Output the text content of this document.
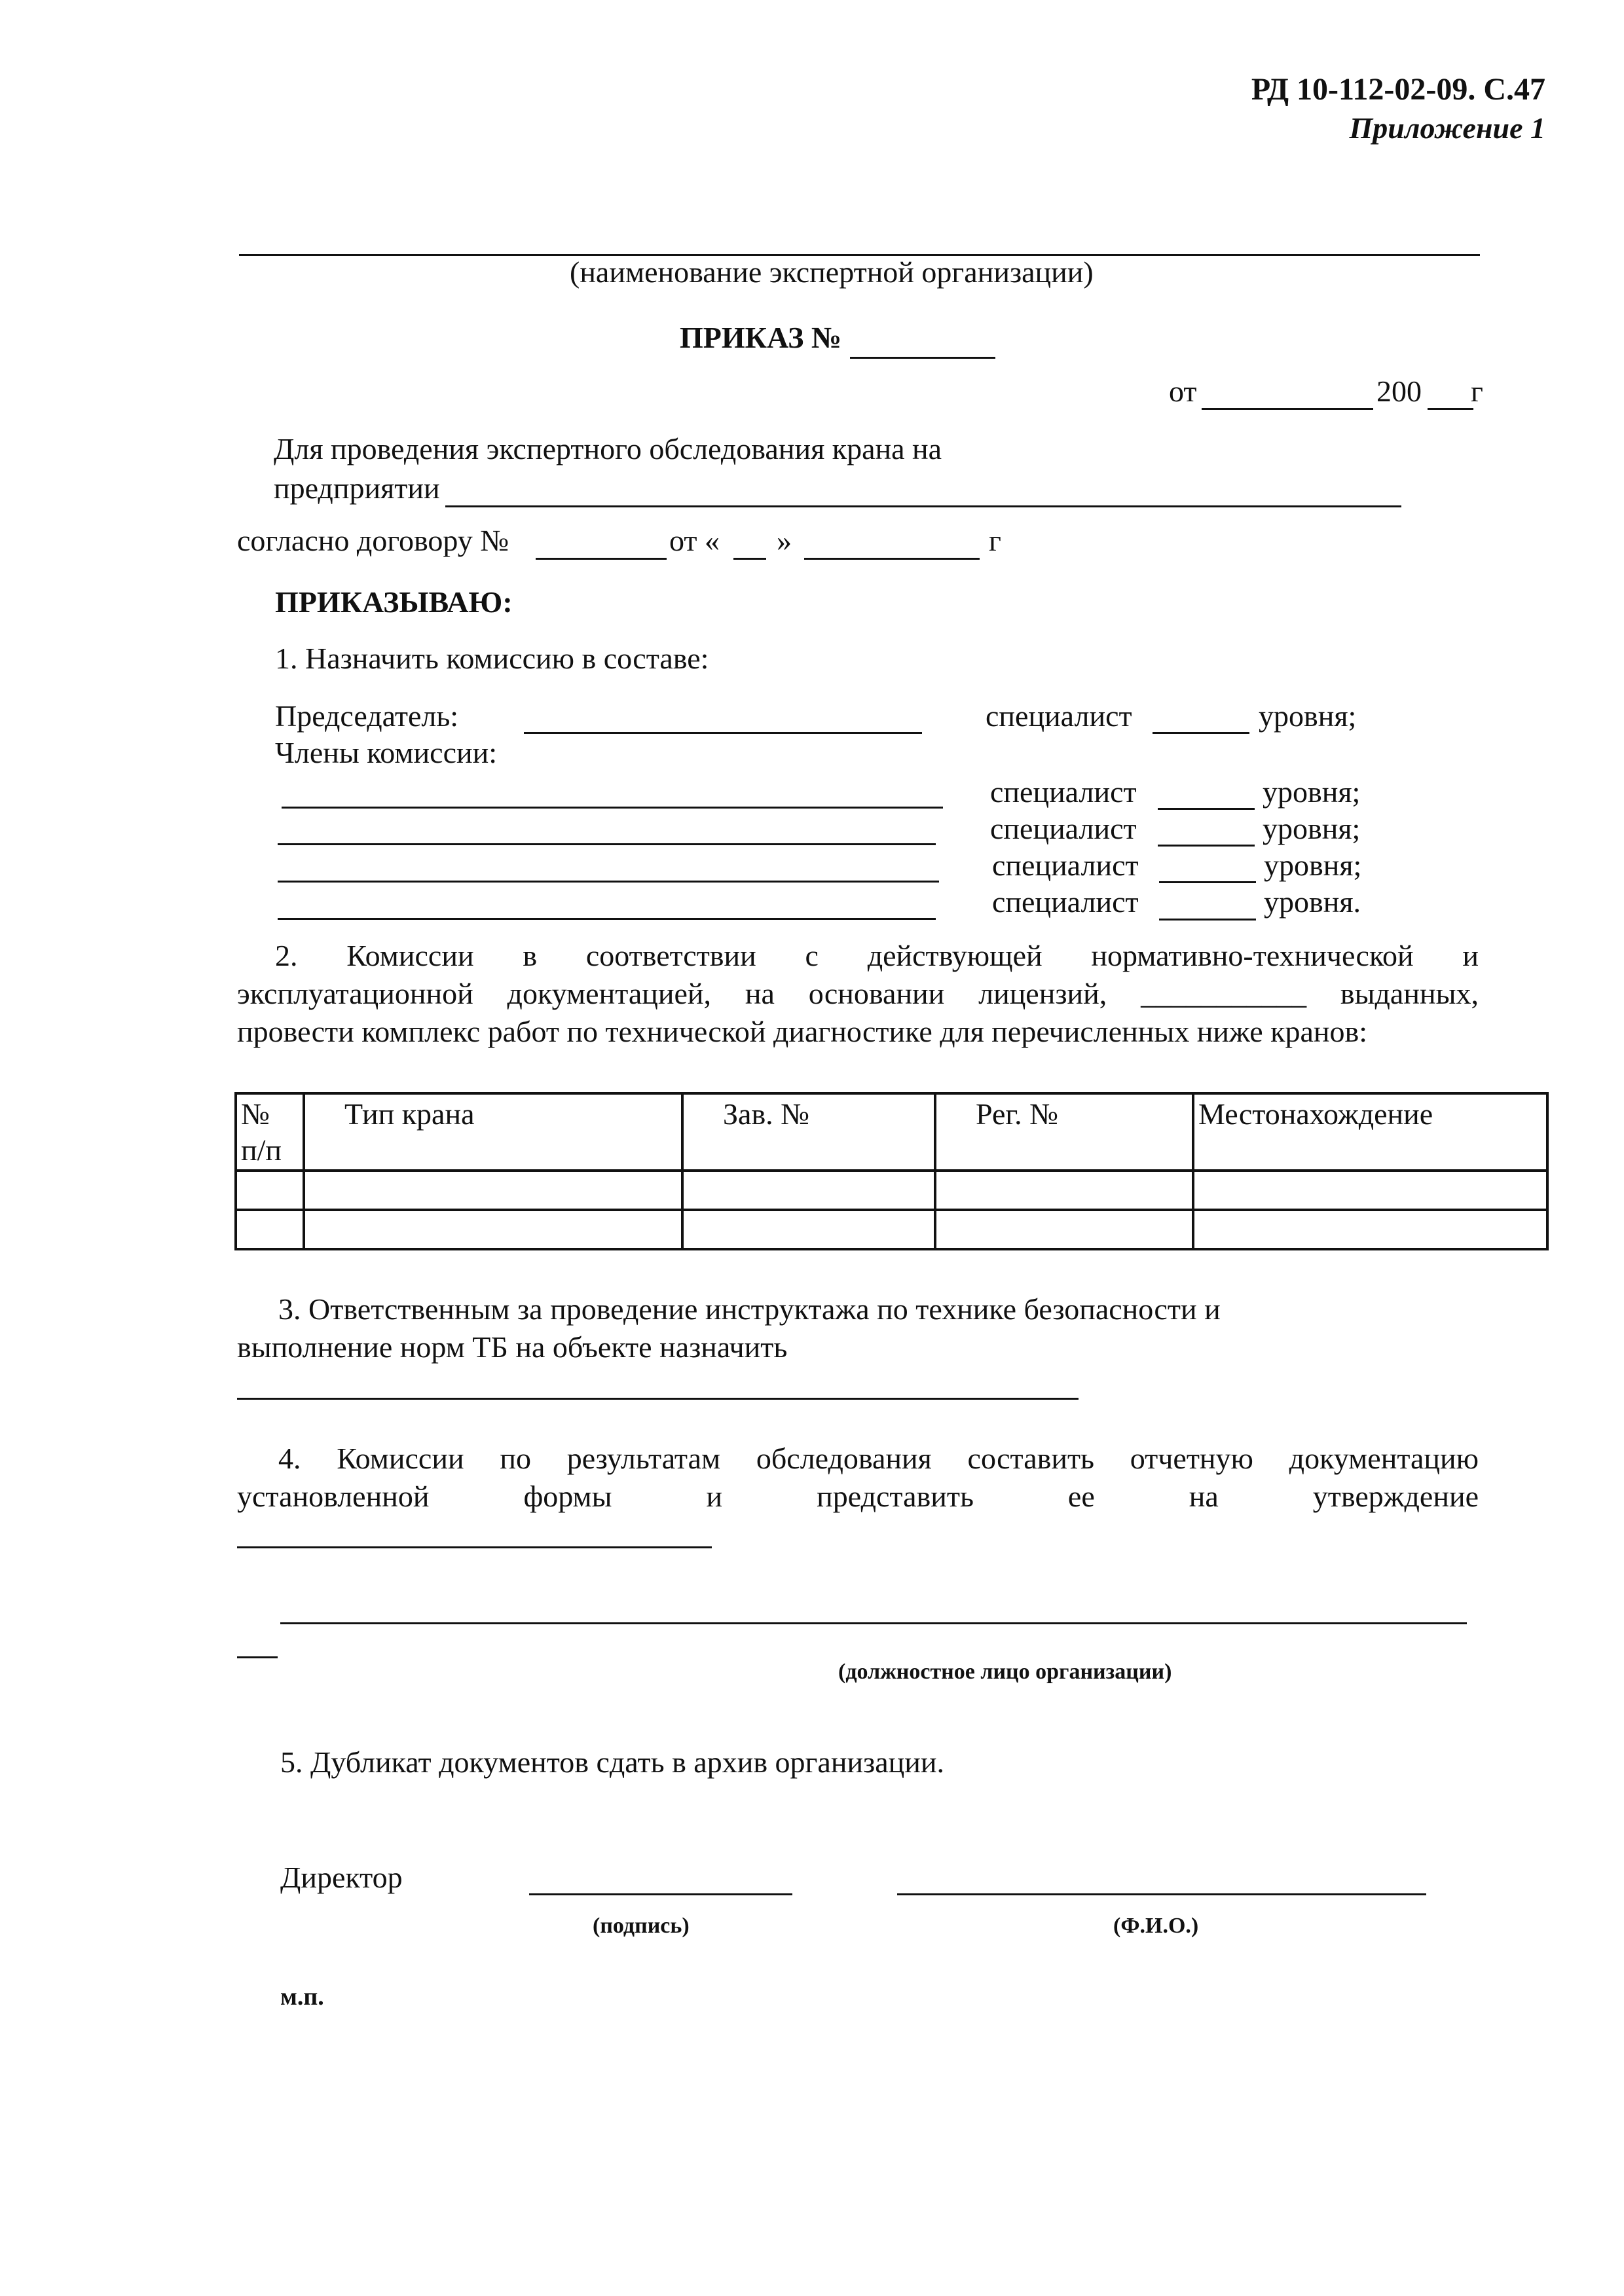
РД 10-112-02-09. С.47
Приложение 1
(наименование экспертной организации)
ПРИКАЗ №
от	200 г
Для проведения экспертного обследования крана на
предприятии
согласно договору №	от « »	г
ПРИКАЗЫВАЮ:
1. Назначить комиссию в составе:
Председатель:	специалист	уровня;
Члены комиссии:
специалист	уровня;
специалист	уровня;
специалист	уровня;
специалист	уровня.
2. Комиссии в соответствии с действующей нормативно-технической и
эксплуатационной документацией, на основании лицензий, ___________ выданных,
провести комплекс работ по технической диагностике для перечисленных ниже кранов:
№ п/п	Тип крана	Зав. №	Рег. №	Местонахождение

3. Ответственным за проведение инструктажа по технике безопасности и
выполнение норм ТБ на объекте назначить
4. Комиссии по результатам обследования составить отчетную документацию
установленной формы и представить ее на утверждение
(должностное лицо организации)
5. Дубликат документов сдать в архив организации.
Директор
(подпись)	(Ф.И.О.)
м.п.
